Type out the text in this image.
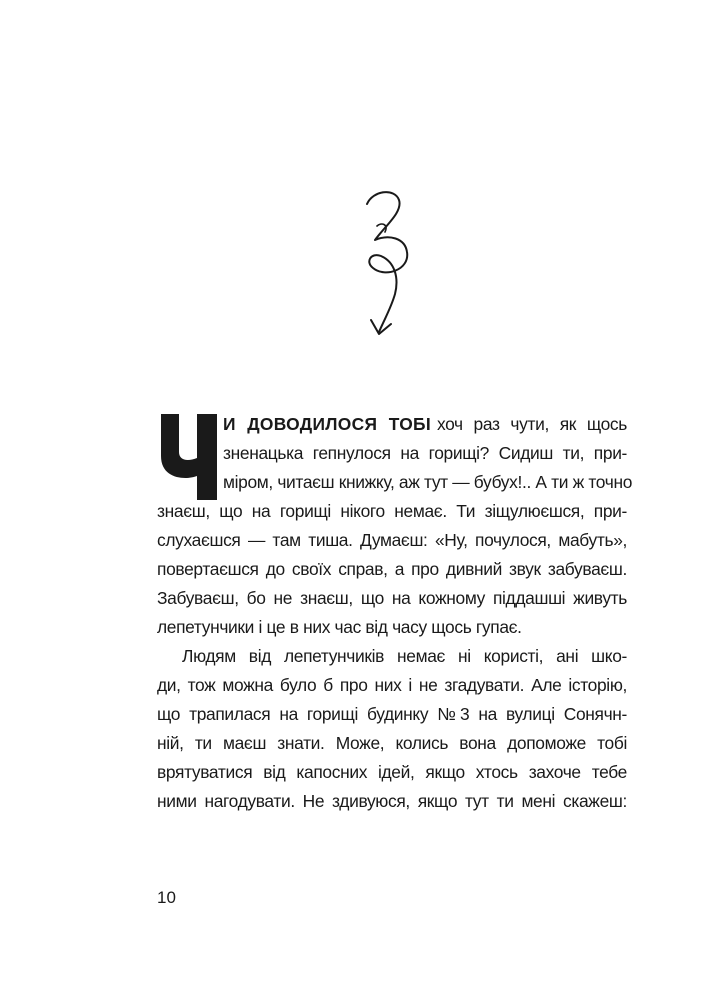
И ДОВОДИЛОСЯ ТОБІ хоч раз чути, як щось
зненацька гепнулося на горищі? Сидиш ти, при-
міром, читаєш книжку, аж тут — бубух!.. А ти ж точно
знаєш, що на горищі нікого немає. Ти зіщулюєшся, при-
слухаєшся — там тиша. Думаєш: «Ну, почулося, мабуть»,
повертаєшся до своїх справ, а про дивний звук забуваєш.
Забуваєш, бо не знаєш, що на кожному піддашші живуть
лепетунчики і це в них час від часу щось гупає.
Людям від лепетунчиків немає ні користі, ані шко-
ди, тож можна було б про них і не згадувати. Але історію,
що трапилася на горищі будинку №3 на вулиці Сонячн-
ній, ти маєш знати. Може, колись вона допоможе тобі
врятуватися від капосних ідей, якщо хтось захоче тебе
ними нагодувати. Не здивуюся, якщо тут ти мені скажеш:
10
